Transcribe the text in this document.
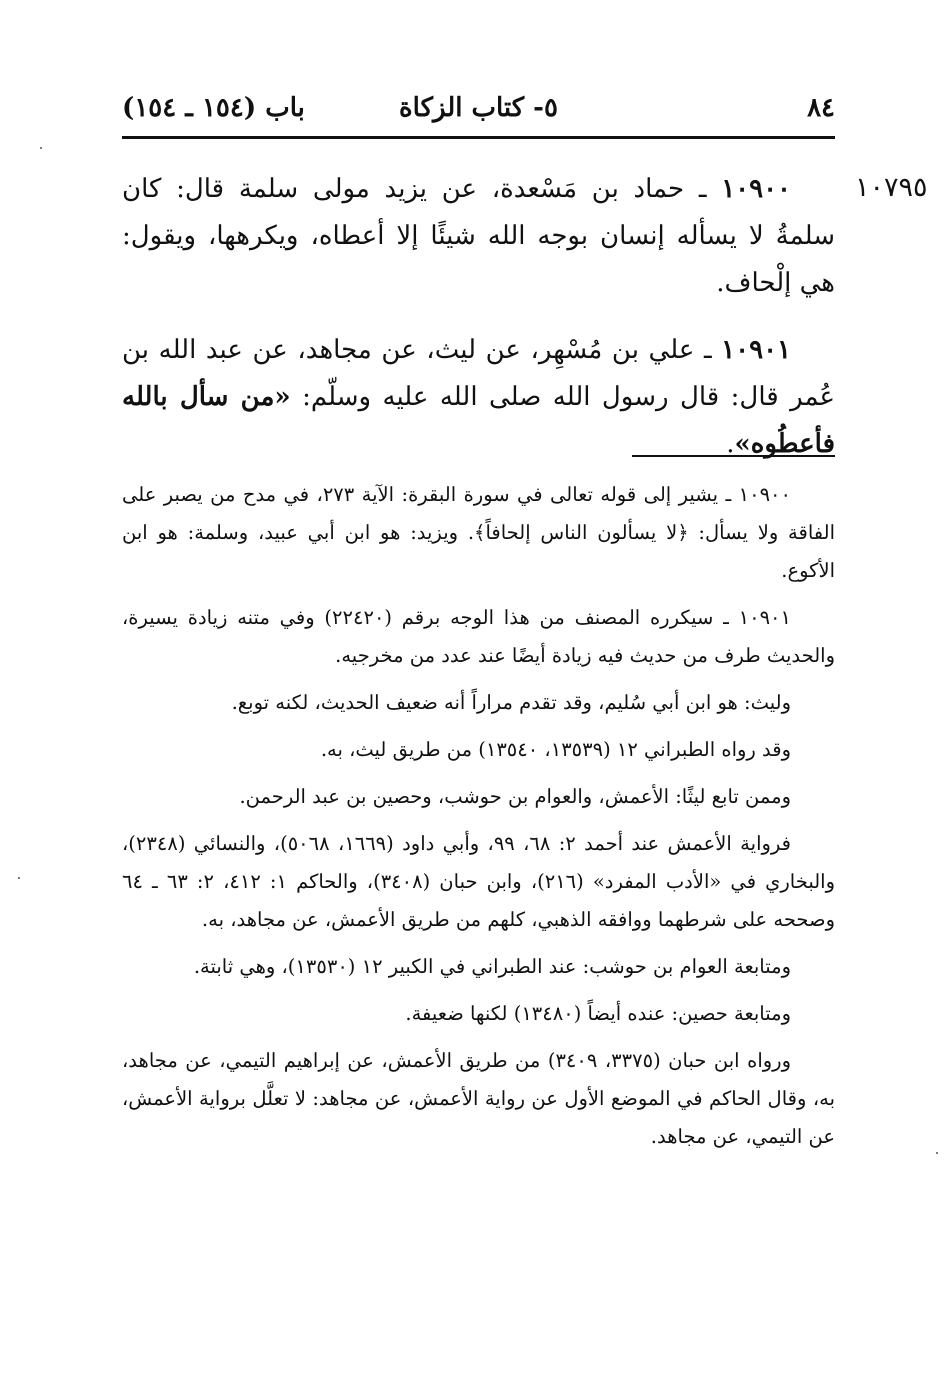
٨٤
٥- كتاب الزكاة
باب (١٥٤ ـ ١٥٤)
١٠٧٩٥

١٠٩٠٠ ـ حماد بن مَسْعدة، عن يزيد مولى سلمة قال: كان سلمةُ لا يسأله إنسان بوجه الله شيئًا إلا أعطاه، ويكرهها، ويقول: هي إلْحاف.

١٠٩٠١ ـ علي بن مُسْهِر، عن ليث، عن مجاهد، عن عبد الله بن عُمر قال: قال رسول الله صلى الله عليه وسلّم: «من سأل بالله فأعطُوه».

١٠٩٠٠ ـ يشير إلى قوله تعالى في سورة البقرة: الآية ٢٧٣، في مدح من يصبر على الفاقة ولا يسأل: ﴿لا يسألون الناس إلحافاً﴾. ويزيد: هو ابن أبي عبيد، وسلمة: هو ابن الأكوع.

١٠٩٠١ ـ سيكرره المصنف من هذا الوجه برقم (٢٢٤٢٠) وفي متنه زيادة يسيرة، والحديث طرف من حديث فيه زيادة أيضًا عند عدد من مخرجيه.

وليث: هو ابن أبي سُليم، وقد تقدم مراراً أنه ضعيف الحديث، لكنه توبع.

وقد رواه الطبراني ١٢ (١٣٥٣٩، ١٣٥٤٠) من طريق ليث، به.

وممن تابع ليثًا: الأعمش، والعوام بن حوشب، وحصين بن عبد الرحمن.

فرواية الأعمش عند أحمد ٢: ٦٨، ٩٩، وأبي داود (١٦٦٩، ٥٠٦٨)، والنسائي (٢٣٤٨)، والبخاري في «الأدب المفرد» (٢١٦)، وابن حبان (٣٤٠٨)، والحاكم ١: ٤١٢، ٢: ٦٣ ـ ٦٤ وصححه على شرطهما ووافقه الذهبي، كلهم من طريق الأعمش، عن مجاهد، به.

ومتابعة العوام بن حوشب: عند الطبراني في الكبير ١٢ (١٣٥٣٠)، وهي ثابتة.

ومتابعة حصين: عنده أيضاً (١٣٤٨٠) لكنها ضعيفة.

ورواه ابن حبان (٣٣٧٥، ٣٤٠٩) من طريق الأعمش، عن إبراهيم التيمي، عن مجاهد، به، وقال الحاكم في الموضع الأول عن رواية الأعمش، عن مجاهد: لا تعلَّل برواية الأعمش، عن التيمي، عن مجاهد.
